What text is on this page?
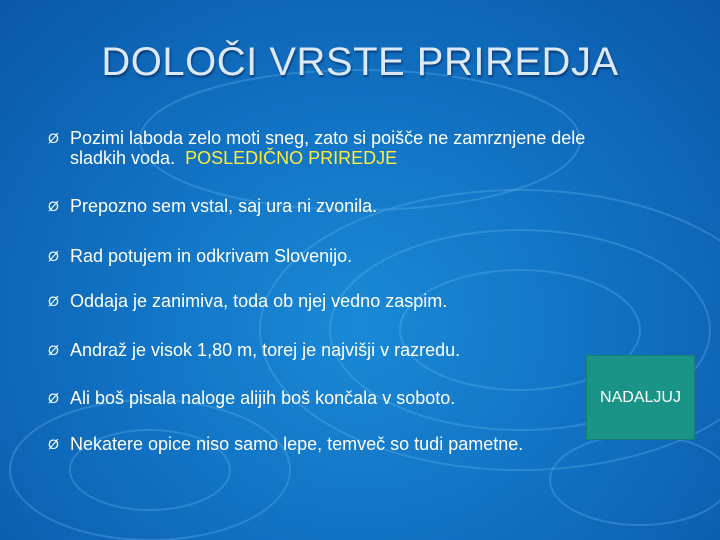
DOLOČI VRSTE PRIREDJA
Ø Pozimi laboda zelo moti sneg, zato si poišče ne zamrznjene dele
sladkih voda. POSLEDIČNO PRIREDJE
Ø Prepozno sem vstal, saj ura ni zvonila.
Ø Rad potujem in odkrivam Slovenijo.
Ø Oddaja je zanimiva, toda ob njej vedno zaspim.
Ø Andraž je visok 1,80 m, torej je najvišji v razredu.
Ø Ali boš pisala naloge alijih boš končala v soboto.
Ø Nekatere opice niso samo lepe, temveč so tudi pametne.
NADALJUJ
